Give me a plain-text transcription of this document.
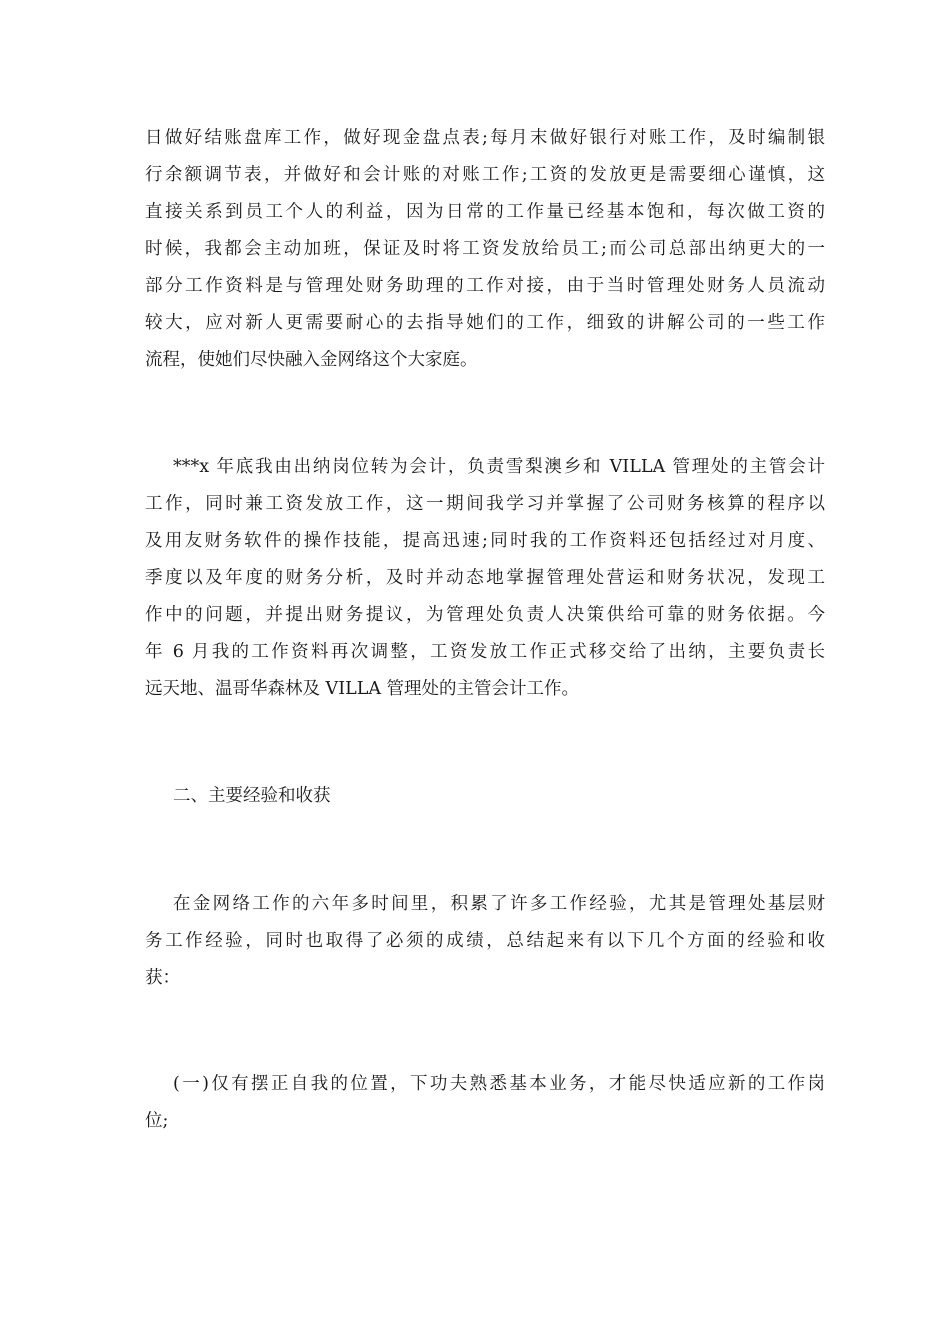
日做好结账盘库工作，做好现金盘点表;每月末做好银行对账工作，及时编制银
行余额调节表，并做好和会计账的对账工作;工资的发放更是需要细心谨慎，这
直接关系到员工个人的利益，因为日常的工作量已经基本饱和，每次做工资的
时候，我都会主动加班，保证及时将工资发放给员工;而公司总部出纳更大的一
部分工作资料是与管理处财务助理的工作对接，由于当时管理处财务人员流动
较大，应对新人更需要耐心的去指导她们的工作，细致的讲解公司的一些工作
流程，使她们尽快融入金网络这个大家庭。
***x 年底我由出纳岗位转为会计，负责雪梨澳乡和 VILLA 管理处的主管会计
工作，同时兼工资发放工作，这一期间我学习并掌握了公司财务核算的程序以
及用友财务软件的操作技能，提高迅速;同时我的工作资料还包括经过对月度、
季度以及年度的财务分析，及时并动态地掌握管理处营运和财务状况，发现工
作中的问题，并提出财务提议，为管理处负责人决策供给可靠的财务依据。今
年 6 月我的工作资料再次调整，工资发放工作正式移交给了出纳，主要负责长
远天地、温哥华森林及 VILLA 管理处的主管会计工作。
二、主要经验和收获
在金网络工作的六年多时间里，积累了许多工作经验，尤其是管理处基层财
务工作经验，同时也取得了必须的成绩，总结起来有以下几个方面的经验和收
获：
(一)仅有摆正自我的位置，下功夫熟悉基本业务，才能尽快适应新的工作岗
位;
